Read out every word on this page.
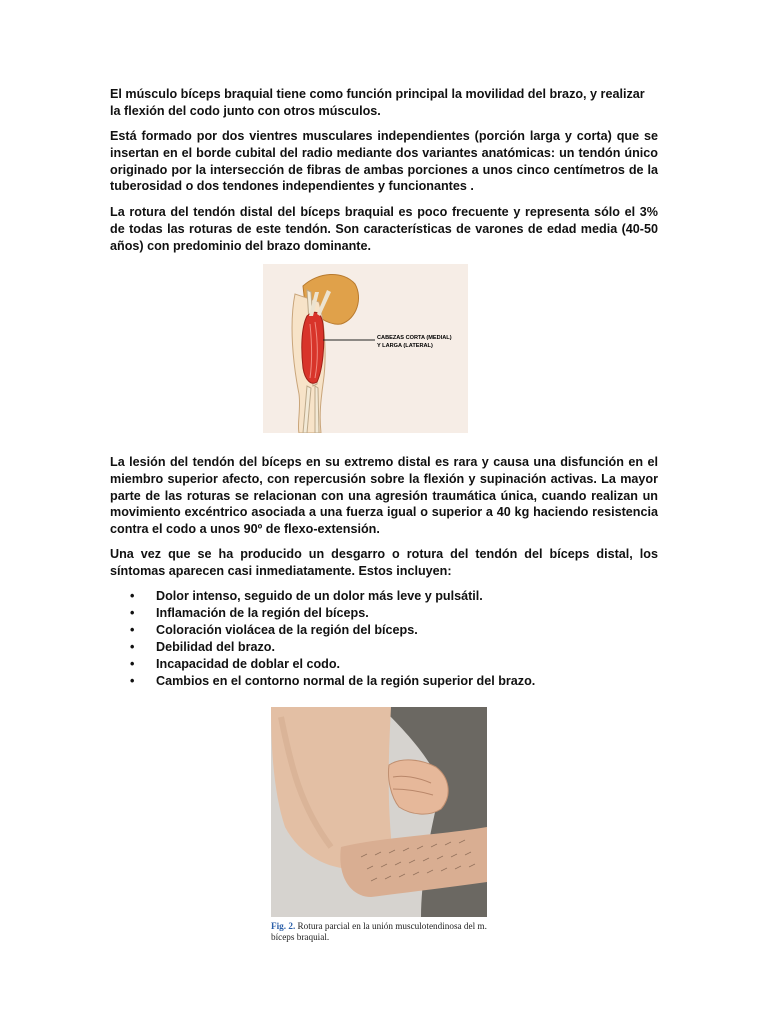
El músculo bíceps braquial tiene como función principal la movilidad del brazo, y realizar la flexión del codo junto con otros músculos.

Está formado por dos vientres musculares independientes (porción larga y corta) que se insertan en el borde cubital del radio mediante dos variantes anatómicas: un tendón único originado por la intersección de fibras de ambas porciones a unos cinco centímetros de la tuberosidad o dos tendones independientes y funcionantes .

La rotura del tendón distal del bíceps braquial es poco frecuente y representa sólo el 3% de todas las roturas de este tendón. Son características de varones de edad media (40-50 años) con predominio del brazo dominante.

CABEZAS CORTA (MEDIAL)
Y LARGA (LATERAL)

La lesión del tendón del bíceps en su extremo distal es rara y causa una disfunción en el miembro superior afecto, con repercusión sobre la flexión y supinación activas. La mayor parte de las roturas se relacionan con una agresión traumática única, cuando realizan un movimiento excéntrico asociada a una fuerza igual o superior a 40 kg haciendo resistencia contra el codo a unos 90º de flexo-extensión.

Una vez que se ha producido un desgarro o rotura del tendón del bíceps distal, los síntomas aparecen casi inmediatamente. Estos incluyen:

• Dolor intenso, seguido de un dolor más leve y pulsátil.
• Inflamación de la región del bíceps.
• Coloración violácea de la región del bíceps.
• Debilidad del brazo.
• Incapacidad de doblar el codo.
• Cambios en el contorno normal de la región superior del brazo.
Fig. 2. Rotura parcial en la unión musculotendinosa del m. bíceps braquial.
